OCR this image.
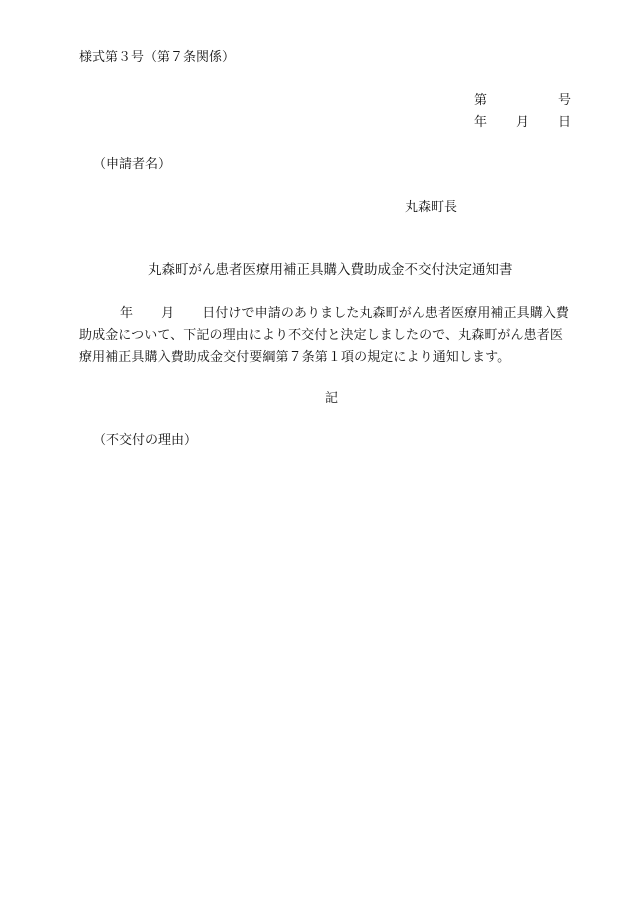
様式第３号（第７条関係）
第	号
年 月 日
（申請者名）
丸森町長
丸森町がん患者医療用補正具購入費助成金不交付決定通知書
年 月 日付けで申請のありました丸森町がん患者医療用補正具購入費
助成金について、下記の理由により不交付と決定しましたので、丸森町がん患者医
療用補正具購入費助成金交付要綱第７条第１項の規定により通知します。
記
（不交付の理由）
